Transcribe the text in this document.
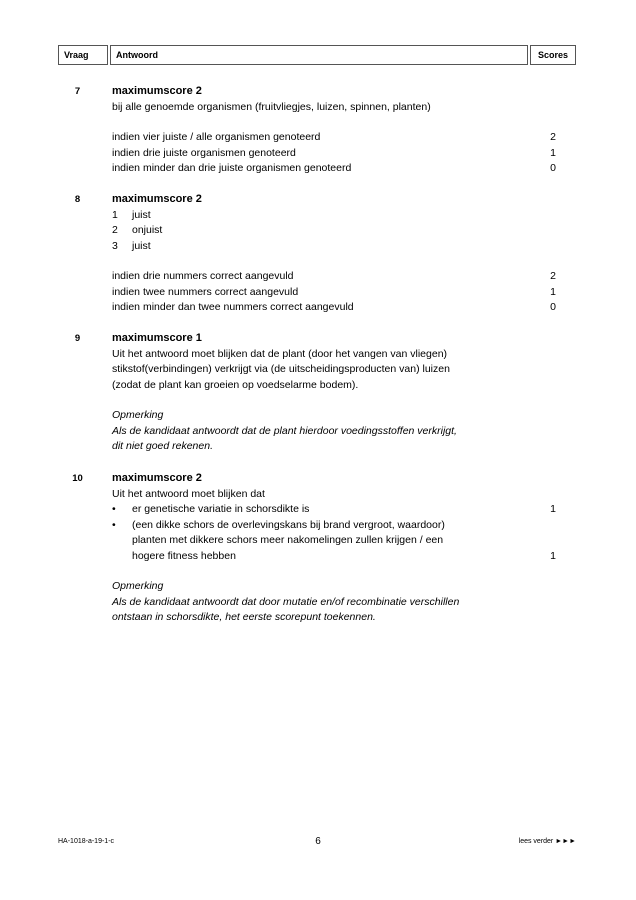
Vraag	Antwoord	Scores
7	maximumscore 2
bij alle genoemde organismen (fruitvliegjes, luizen, spinnen, planten)
indien vier juiste / alle organismen genoteerd	2
indien drie juiste organismen genoteerd	1
indien minder dan drie juiste organismen genoteerd	0
8	maximumscore 2
1 juist
2 onjuist
3 juist
indien drie nummers correct aangevuld	2
indien twee nummers correct aangevuld	1
indien minder dan twee nummers correct aangevuld	0
9	maximumscore 1
Uit het antwoord moet blijken dat de plant (door het vangen van vliegen)
stikstof(verbindingen) verkrijgt via (de uitscheidingsproducten van) luizen
(zodat de plant kan groeien op voedselarme bodem).
Opmerking
Als de kandidaat antwoordt dat de plant hierdoor voedingsstoffen verkrijgt,
dit niet goed rekenen.
10	maximumscore 2
Uit het antwoord moet blijken dat
• er genetische variatie in schorsdikte is	1
• (een dikke schors de overlevingskans bij brand vergroot, waardoor)
planten met dikkere schors meer nakomelingen zullen krijgen / een
hogere fitness hebben	1
Opmerking
Als de kandidaat antwoordt dat door mutatie en/of recombinatie verschillen
ontstaan in schorsdikte, het eerste scorepunt toekennen.
HA-1018-a-19-1-c	6	lees verder ►►►
